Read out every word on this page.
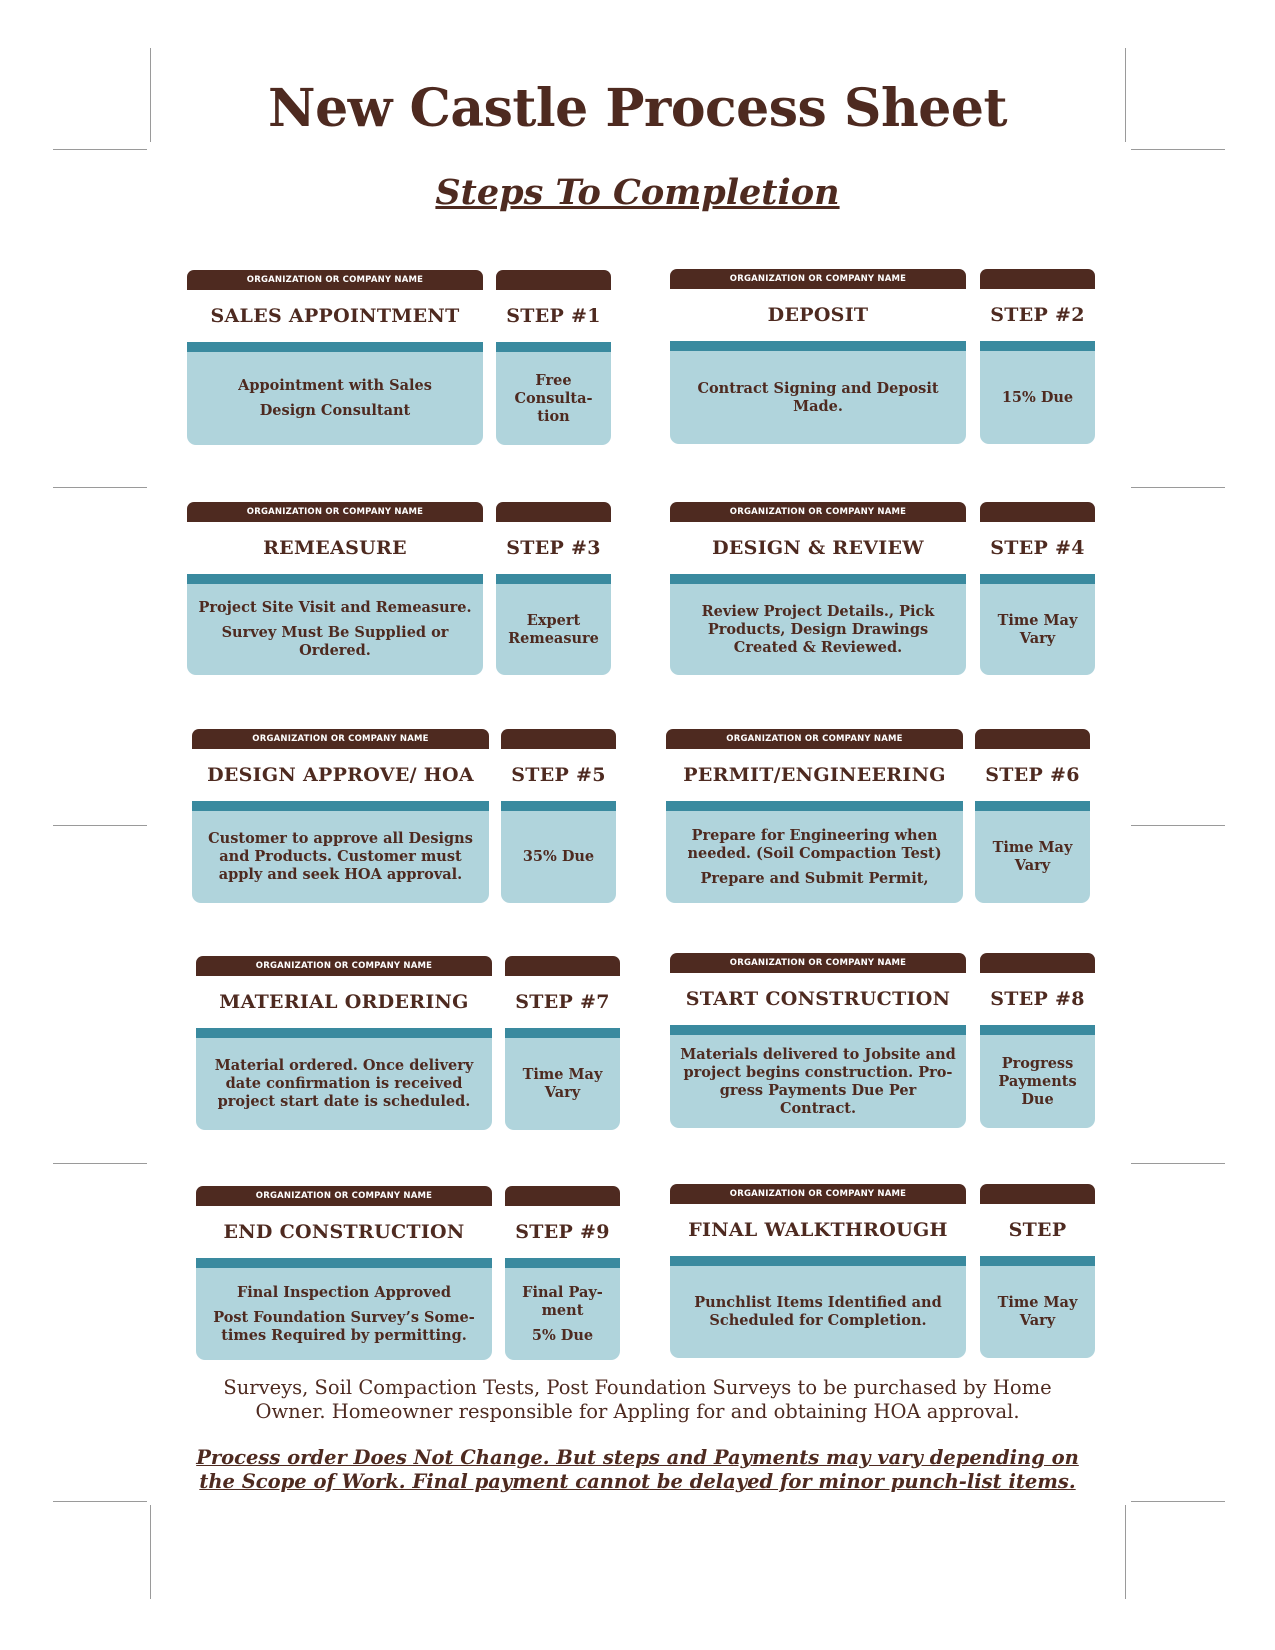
New Castle Process Sheet
Steps To Completion
ORGANIZATION OR COMPANY NAME
SALES APPOINTMENT
Appointment with Sales
Design Consultant
STEP #1
Free
Consulta-
tion
ORGANIZATION OR COMPANY NAME
DEPOSIT
Contract Signing and Deposit
Made.
STEP #2
15% Due
ORGANIZATION OR COMPANY NAME
REMEASURE
Project Site Visit and Remeasure.
Survey Must Be Supplied or
Ordered.
STEP #3
Expert
Remeasure
ORGANIZATION OR COMPANY NAME
DESIGN & REVIEW
Review Project Details., Pick
Products, Design Drawings
Created & Reviewed.
STEP #4
Time May
Vary
ORGANIZATION OR COMPANY NAME
DESIGN APPROVE/ HOA
Customer to approve all Designs
and Products. Customer must
apply and seek HOA approval.
STEP #5
35% Due
ORGANIZATION OR COMPANY NAME
PERMIT/ENGINEERING
Prepare for Engineering when
needed. (Soil Compaction Test)
Prepare and Submit Permit,
STEP #6
Time May
Vary
ORGANIZATION OR COMPANY NAME
MATERIAL ORDERING
Material ordered. Once delivery
date confirmation is received
project start date is scheduled.
STEP #7
Time May
Vary
ORGANIZATION OR COMPANY NAME
START CONSTRUCTION
Materials delivered to Jobsite and
project begins construction. Pro-
gress Payments Due Per Contract.
STEP #8
Progress
Payments
Due
ORGANIZATION OR COMPANY NAME
END CONSTRUCTION
Final Inspection Approved
Post Foundation Survey’s Some-
times Required by permitting.
STEP #9
Final Pay-
ment
5% Due
ORGANIZATION OR COMPANY NAME
FINAL WALKTHROUGH
Punchlist Items Identified and
Scheduled for Completion.
STEP
Time May
Vary
Surveys, Soil Compaction Tests, Post Foundation Surveys to be purchased by Home Owner. Homeowner responsible for Appling for and obtaining HOA approval.
Process order Does Not Change. But steps and Payments may vary depending on the Scope of Work. Final payment cannot be delayed for minor punch-list items.
